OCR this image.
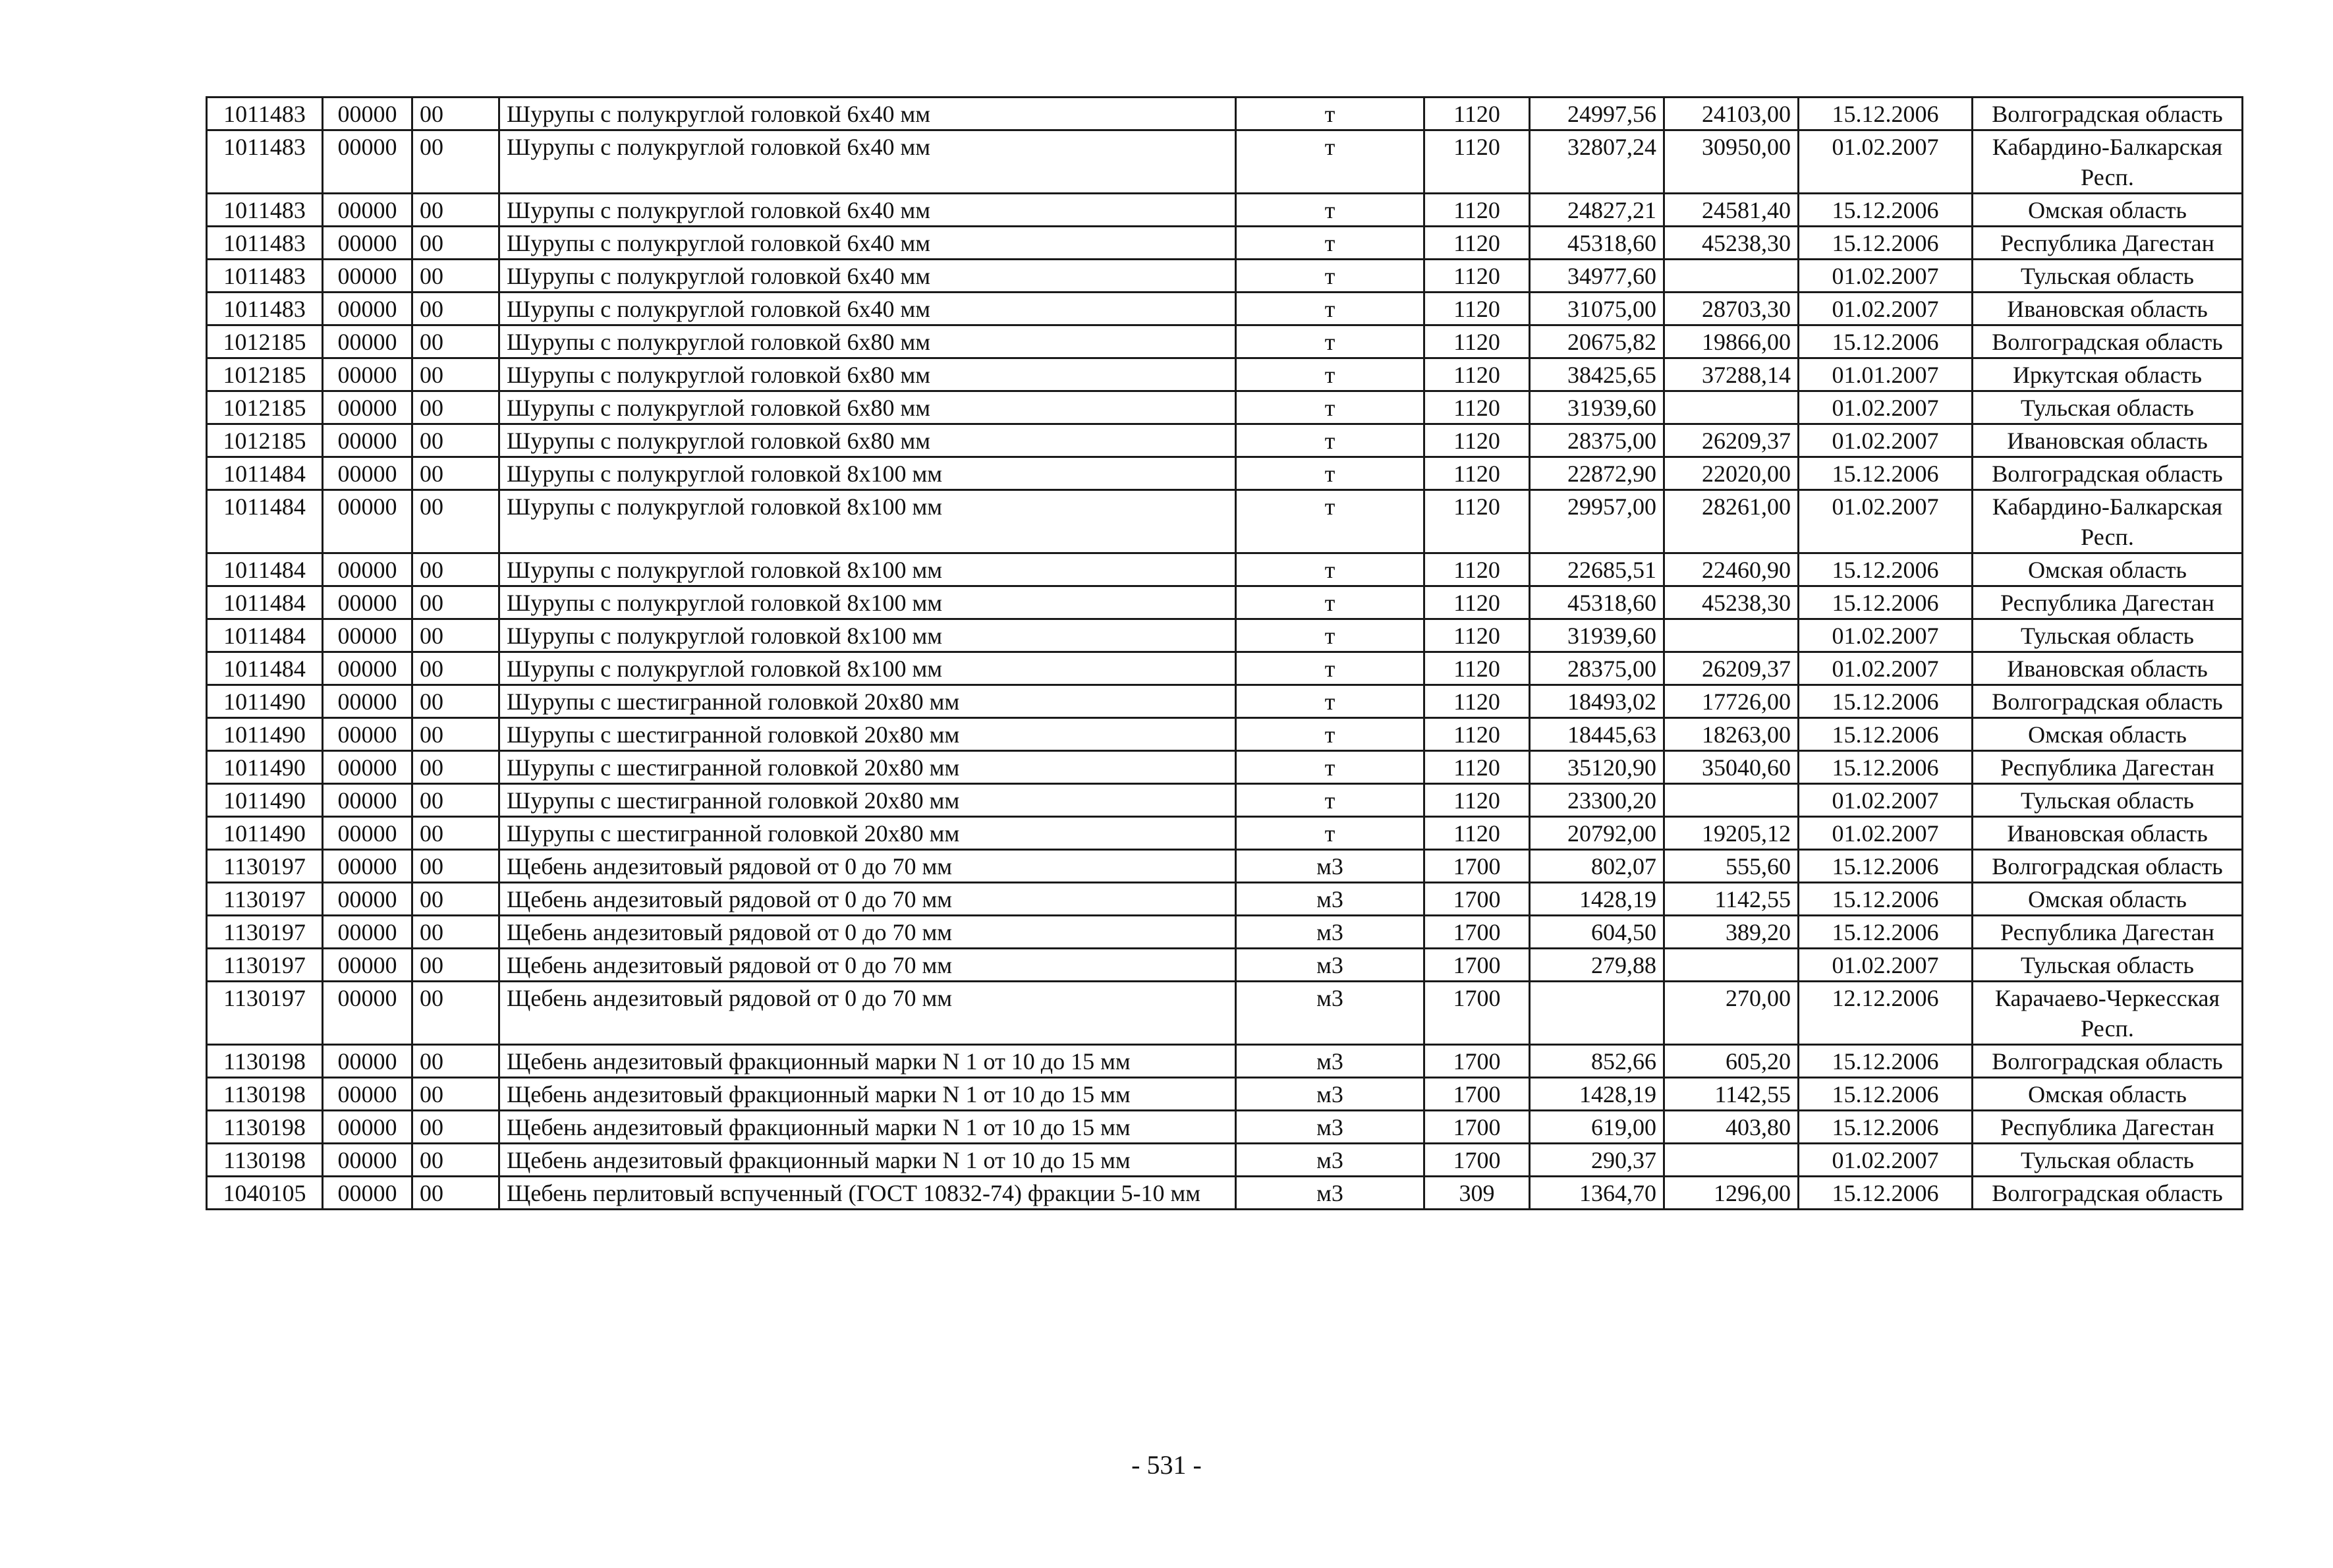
1011483	00000	00	Шурупы с полукруглой головкой 6х40 мм	т	1120	24997,56	24103,00	15.12.2006	Волгоградская область
1011483	00000	00	Шурупы с полукруглой головкой 6х40 мм	т	1120	32807,24	30950,00	01.02.2007	Кабардино-Балкарская Респ.
1011483	00000	00	Шурупы с полукруглой головкой 6х40 мм	т	1120	24827,21	24581,40	15.12.2006	Омская область
1011483	00000	00	Шурупы с полукруглой головкой 6х40 мм	т	1120	45318,60	45238,30	15.12.2006	Республика Дагестан
1011483	00000	00	Шурупы с полукруглой головкой 6х40 мм	т	1120	34977,60		01.02.2007	Тульская область
1011483	00000	00	Шурупы с полукруглой головкой 6х40 мм	т	1120	31075,00	28703,30	01.02.2007	Ивановская область
1012185	00000	00	Шурупы с полукруглой головкой 6х80 мм	т	1120	20675,82	19866,00	15.12.2006	Волгоградская область
1012185	00000	00	Шурупы с полукруглой головкой 6х80 мм	т	1120	38425,65	37288,14	01.01.2007	Иркутская область
1012185	00000	00	Шурупы с полукруглой головкой 6х80 мм	т	1120	31939,60		01.02.2007	Тульская область
1012185	00000	00	Шурупы с полукруглой головкой 6х80 мм	т	1120	28375,00	26209,37	01.02.2007	Ивановская область
1011484	00000	00	Шурупы с полукруглой головкой 8х100 мм	т	1120	22872,90	22020,00	15.12.2006	Волгоградская область
1011484	00000	00	Шурупы с полукруглой головкой 8х100 мм	т	1120	29957,00	28261,00	01.02.2007	Кабардино-Балкарская Респ.
1011484	00000	00	Шурупы с полукруглой головкой 8х100 мм	т	1120	22685,51	22460,90	15.12.2006	Омская область
1011484	00000	00	Шурупы с полукруглой головкой 8х100 мм	т	1120	45318,60	45238,30	15.12.2006	Республика Дагестан
1011484	00000	00	Шурупы с полукруглой головкой 8х100 мм	т	1120	31939,60		01.02.2007	Тульская область
1011484	00000	00	Шурупы с полукруглой головкой 8х100 мм	т	1120	28375,00	26209,37	01.02.2007	Ивановская область
1011490	00000	00	Шурупы с шестигранной головкой 20х80 мм	т	1120	18493,02	17726,00	15.12.2006	Волгоградская область
1011490	00000	00	Шурупы с шестигранной головкой 20х80 мм	т	1120	18445,63	18263,00	15.12.2006	Омская область
1011490	00000	00	Шурупы с шестигранной головкой 20х80 мм	т	1120	35120,90	35040,60	15.12.2006	Республика Дагестан
1011490	00000	00	Шурупы с шестигранной головкой 20х80 мм	т	1120	23300,20		01.02.2007	Тульская область
1011490	00000	00	Шурупы с шестигранной головкой 20х80 мм	т	1120	20792,00	19205,12	01.02.2007	Ивановская область
1130197	00000	00	Щебень андезитовый рядовой от 0 до 70 мм	м3	1700	802,07	555,60	15.12.2006	Волгоградская область
1130197	00000	00	Щебень андезитовый рядовой от 0 до 70 мм	м3	1700	1428,19	1142,55	15.12.2006	Омская область
1130197	00000	00	Щебень андезитовый рядовой от 0 до 70 мм	м3	1700	604,50	389,20	15.12.2006	Республика Дагестан
1130197	00000	00	Щебень андезитовый рядовой от 0 до 70 мм	м3	1700	279,88		01.02.2007	Тульская область
1130197	00000	00	Щебень андезитовый рядовой от 0 до 70 мм	м3	1700		270,00	12.12.2006	Карачаево-Черкесская Респ.
1130198	00000	00	Щебень андезитовый фракционный марки N 1 от 10 до 15 мм	м3	1700	852,66	605,20	15.12.2006	Волгоградская область
1130198	00000	00	Щебень андезитовый фракционный марки N 1 от 10 до 15 мм	м3	1700	1428,19	1142,55	15.12.2006	Омская область
1130198	00000	00	Щебень андезитовый фракционный марки N 1 от 10 до 15 мм	м3	1700	619,00	403,80	15.12.2006	Республика Дагестан
1130198	00000	00	Щебень андезитовый фракционный марки N 1 от 10 до 15 мм	м3	1700	290,37		01.02.2007	Тульская область
1040105	00000	00	Щебень перлитовый вспученный (ГОСТ 10832-74) фракции 5-10 мм	м3	309	1364,70	1296,00	15.12.2006	Волгоградская область
- 531 -
